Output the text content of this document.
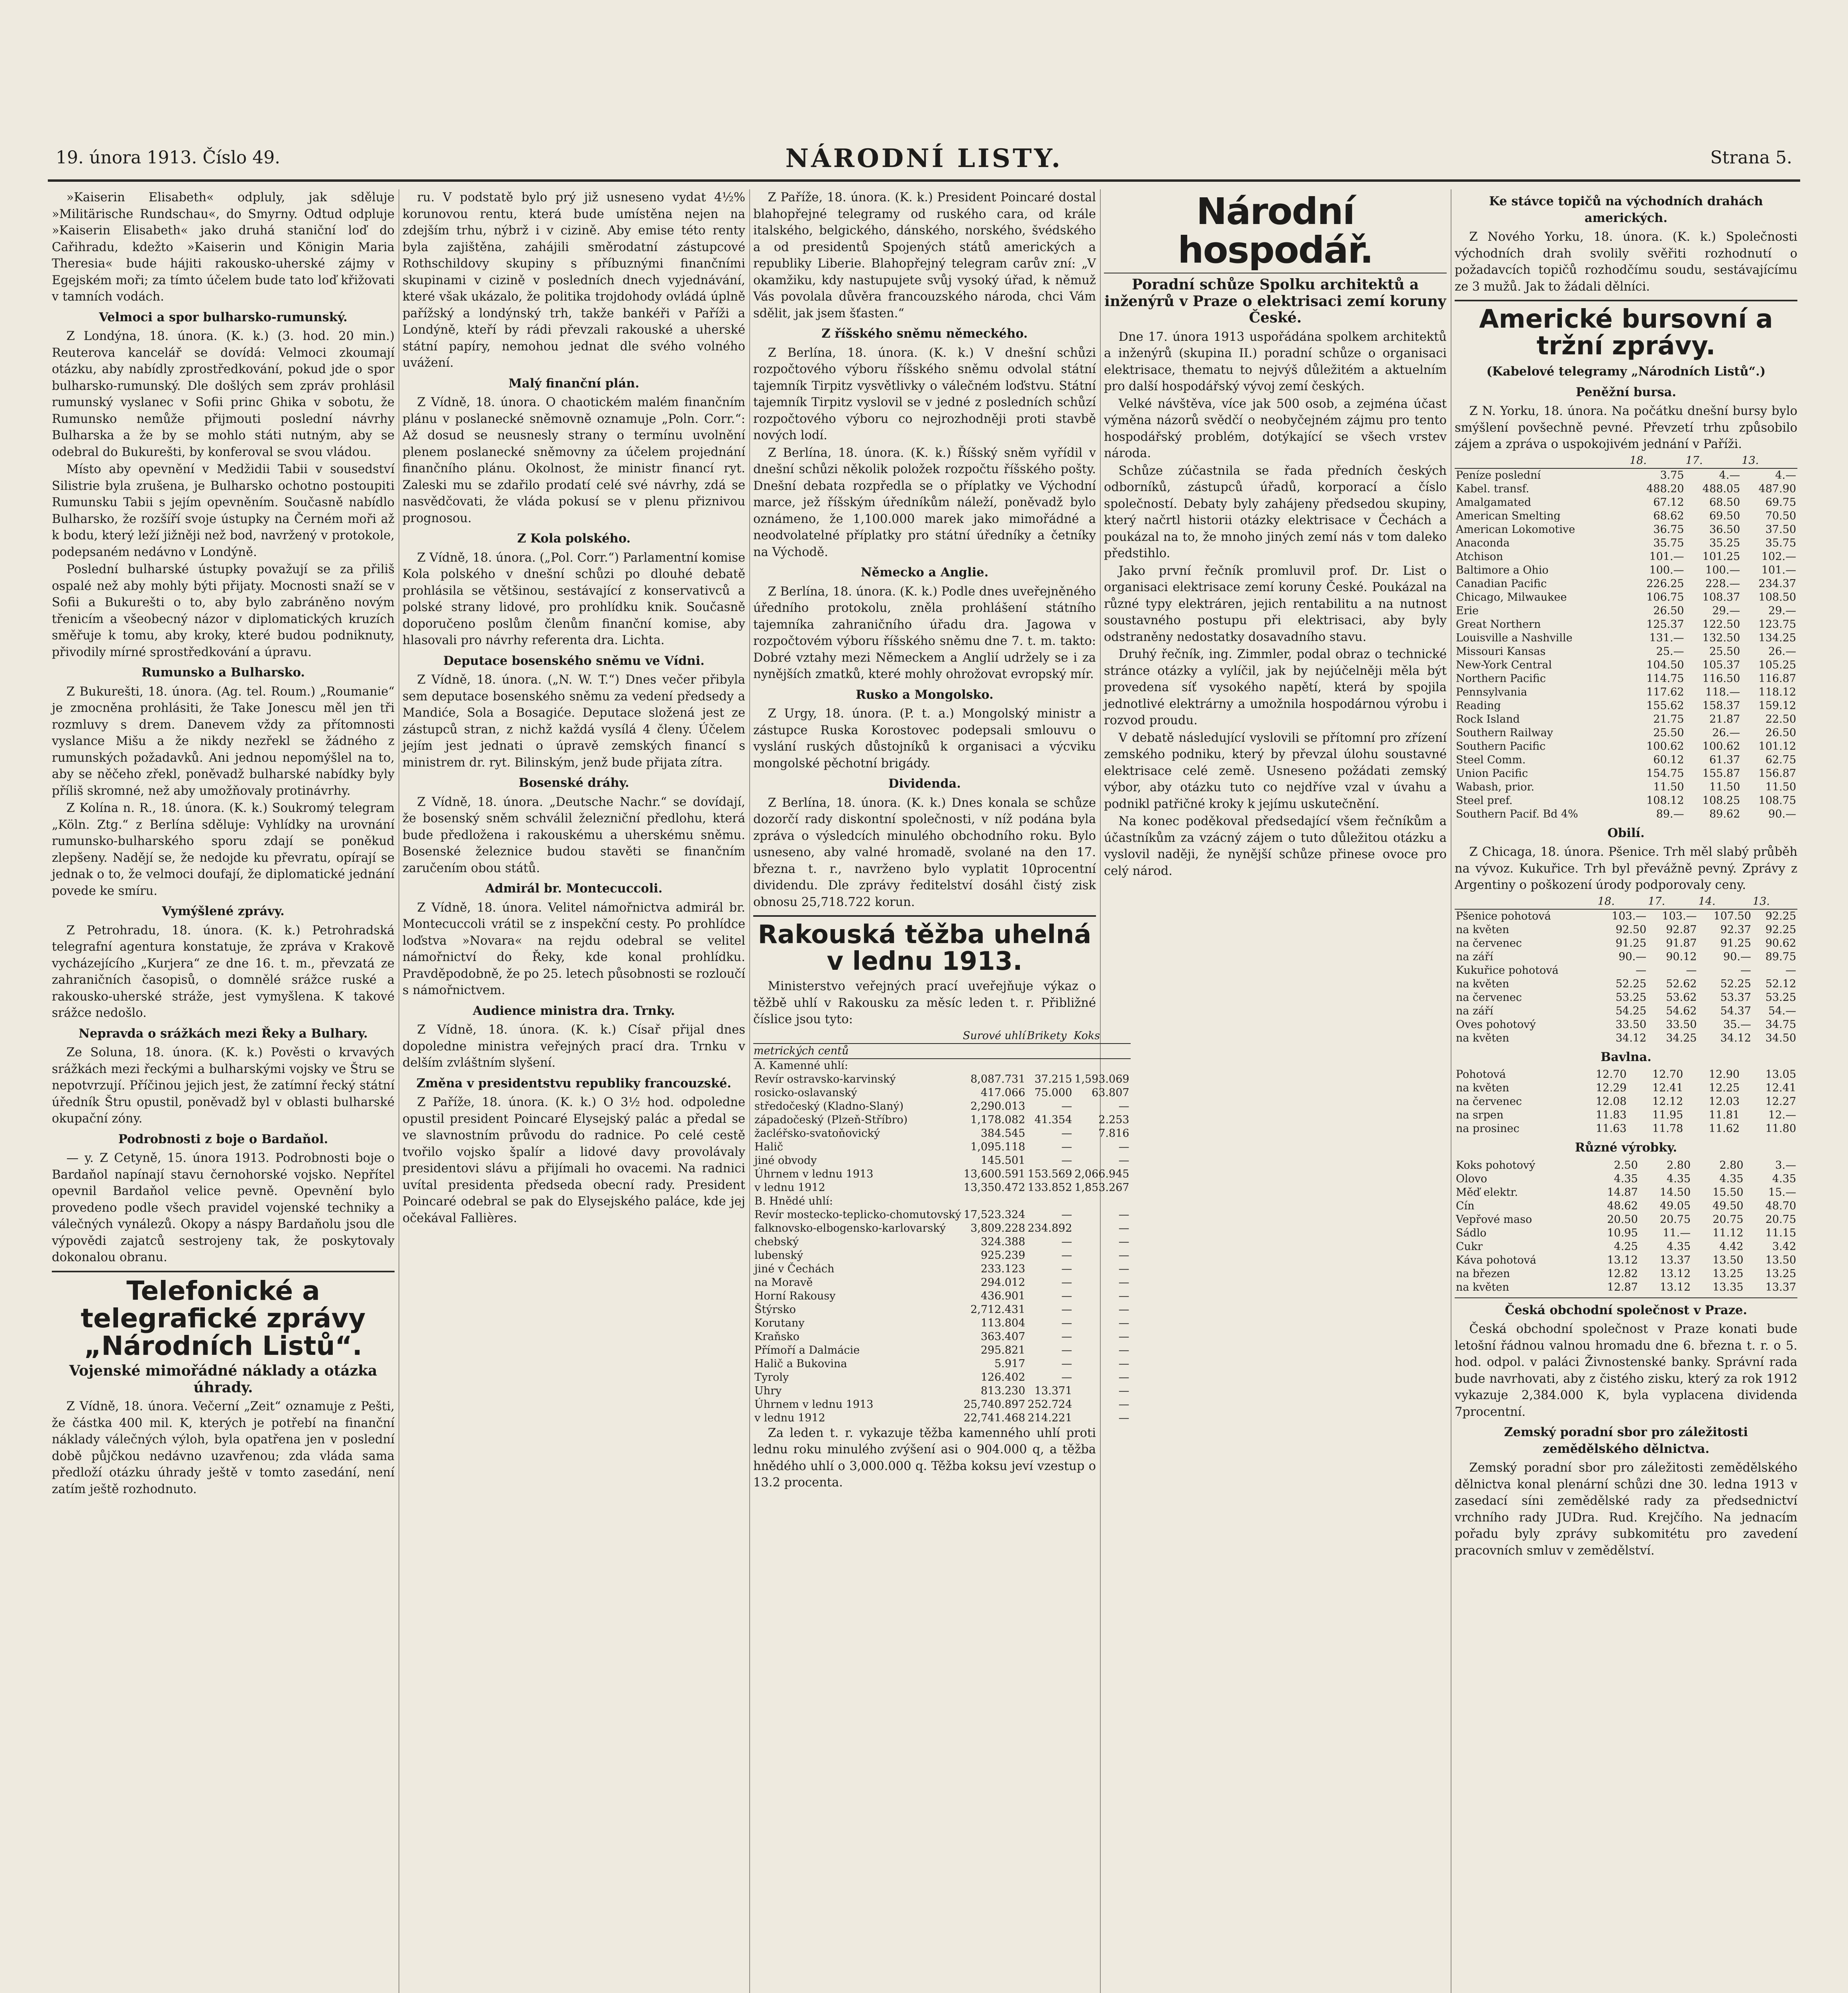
19. února 1913. Číslo 49.	NÁRODNÍ LISTY.	Strana 5.

»Kaiserin Elisabeth« odpluly, jak sděluje »Militärische Rundschau«, do Smyrny. Odtud odpluje »Kaiserin Elisabeth« jako druhá staniční loď do Cařihradu, kdežto »Kaiserin und Königin Maria Theresia« bude hájiti rakousko-uherské zájmy v Egejském moři; za tímto účelem bude tato loď křižovati v tamních vodách.

Velmoci a spor bulharsko-rumunský.

Z Londýna, 18. února. (K. k.) (3. hod. 20 min.) Reuterova kancelář se dovídá: Velmoci zkoumají otázku, aby nabídly zprostředkování, pokud jde o spor bulharsko-rumunský. Dle došlých sem zpráv prohlásil rumunský vyslanec v Sofii princ Ghika v sobotu, že Rumunsko nemůže přijmouti poslední návrhy Bulharska a že by se mohlo státi nutným, aby se odebral do Bukurešti, by konferoval se svou vládou.

Místo aby opevnění v Medžidii Tabii v sousedství Silistrie byla zrušena, je Bulharsko ochotno postoupiti Rumunsku Tabii s jejím opevněním. Současně nabídlo Bulharsko, že rozšíří svoje ústupky na Černém moři až k bodu, který leží jižněji než bod, navržený v protokole, podepsaném nedávno v Londýně.

Poslední bulharské ústupky považují se za přiliš ospalé než aby mohly býti přijaty. Mocnosti snaží se v Sofii a Bukurešti o to, aby bylo zabráněno novým třenicím a všeobecný názor v diplomatických kruzích směřuje k tomu, aby kroky, které budou podniknuty, přivodily mírné sprostředkování a úpravu.

Rumunsko a Bulharsko.

Z Bukurešti, 18. února. (Ag. tel. Roum.) „Roumanie“ je zmocněna prohlásiti, že Take Jonescu měl jen tři rozmluvy s drem. Danevem vždy za přítomnosti vyslance Mišu a že nikdy nezřekl se žádného z rumunských požadavků. Ani jednou nepomýšlel na to, aby se něčeho zřekl, poněvadž bulharské nabídky byly příliš skromné, než aby umožňovaly protinávrhy.

Z Kolína n. R., 18. února. (K. k.) Soukromý telegram „Köln. Ztg.“ z Berlína sděluje: Vyhlídky na urovnání rumunsko-bulharského sporu zdají se poněkud zlepšeny. Nadějí se, že nedojde ku převratu, opírají se jednak o to, že velmoci doufají, že diplomatické jednání povede ke smíru.

Vymýšlené zprávy.

Z Petrohradu, 18. února. (K. k.) Petrohradská telegrafní agentura konstatuje, že zpráva v Krakově vycházejícího „Kurjera“ ze dne 16. t. m., převzatá ze zahraničních časopisů, o domnělé srážce ruské a rakousko-uherské stráže, jest vymyšlena. K takové srážce nedošlo.

Nepravda o srážkách mezi Řeky a Bulhary.

Ze Soluna, 18. února. (K. k.) Pověsti o krvavých srážkách mezi řeckými a bulharskými vojsky ve Štru se nepotvrzují. Příčinou jejich jest, že zatímní řecký státní úředník Štru opustil, poněvadž byl v oblasti bulharské okupační zóny.

Podrobnosti z boje o Bardaňol.

— y. Z Cetyně, 15. února 1913. Podrobnosti boje o Bardaňol napínají stavu černohorské vojsko. Nepřítel opevnil Bardaňol velice pevně. Opevnění bylo provedeno podle všech pravidel vojenské techniky a válečných vynálezů. Okopy a náspy Bardaňolu jsou dle výpovědi zajatců sestrojeny tak, že poskytovaly dokonalou obranu.

Telefonické a telegrafické zprávy „Národních Listů“.
Vojenské mimořádné náklady a otázka úhrady.

Z Vídně, 18. února. Večerní „Zeit“ oznamuje z Pešti, že částka 400 mil. K, kterých je potřebí na finanční náklady válečných výloh, byla opatřena jen v poslední době půjčkou nedávno uzavřenou; zda vláda sama předloží otázku úhrady ještě v tomto zasedání, není zatím ještě rozhodnuto.

ru. V podstatě bylo prý již usneseno vydat 4½% korunovou rentu, která bude umístěna nejen na zdejším trhu, nýbrž i v cizině. Aby emise této renty byla zajištěna, zahájili směrodatní zástupcové Rothschildovy skupiny s příbuznými finančními skupinami v cizině v posledních dnech vyjednávání, které však ukázalo, že politika trojdohody ovládá úplně pařížský a londýnský trh, takže bankéři v Paříži a Londýně, kteří by rádi převzali rakouské a uherské státní papíry, nemohou jednat dle svého volného uvážení.

Malý finanční plán.

Z Vídně, 18. února. O chaotickém malém finančním plánu v poslanecké sněmovně oznamuje „Poln. Corr.“: Až dosud se neusnesly strany o termínu uvolnění plenem poslanecké sněmovny za účelem projednání finančního plánu. Okolnost, že ministr financí ryt. Zaleski mu se zdařilo prodatí celé své návrhy, zdá se nasvědčovati, že vláda pokusí se v plenu přiznivou prognosou.

Z Kola polského.

Z Vídně, 18. února. („Pol. Corr.“) Parlamentní komise Kola polského v dnešní schůzi po dlouhé debatě prohlásila se většinou, sestávající z konservativců a polské strany lidové, pro prohlídku knik. Současně doporučeno poslům členům finanční komise, aby hlasovali pro návrhy referenta dra. Lichta.

Deputace bosenského sněmu ve Vídni.

Z Vídně, 18. února. („N. W. T.“) Dnes večer přibyla sem deputace bosenského sněmu za vedení předsedy a Mandiće, Sola a Bosagiće. Deputace složená jest ze zástupců stran, z nichž každá vysílá 4 členy. Účelem jejím jest jednati o úpravě zemských financí s ministrem dr. ryt. Bilinským, jenž bude přijata zítra.

Bosenské dráhy.

Z Vídně, 18. února. „Deutsche Nachr.“ se dovídají, že bosenský sněm schválil železniční předlohu, která bude předložena i rakouskému a uherskému sněmu. Bosenské železnice budou stavěti se finančním zaručením obou států.

Admirál br. Montecuccoli.

Z Vídně, 18. února. Velitel námořnictva admirál br. Montecuccoli vrátil se z inspekční cesty. Po prohlídce loďstva »Novara« na rejdu odebral se velitel námořnictví do Řeky, kde konal prohlídku. Pravděpodobně, že po 25. letech působnosti se rozloučí s námořnictvem.

Audience ministra dra. Trnky.

Z Vídně, 18. února. (K. k.) Císař přijal dnes dopoledne ministra veřejných prací dra. Trnku v delším zvláštním slyšení.

Změna v presidentstvu republiky francouzské.

Z Paříže, 18. února. (K. k.) O 3½ hod. odpoledne opustil president Poincaré Elysejský palác a předal se ve slavnostním průvodu do radnice. Po celé cestě tvořilo vojsko špalír a lidové davy provolávaly presidentovi slávu a přijímali ho ovacemi. Na radnici uvítal presidenta předseda obecní rady. President Poincaré odebral se pak do Elysejského paláce, kde jej očekával Fallières.

Z Paříže, 18. února. (K. k.) President Poincaré dostal blahopřejné telegramy od ruského cara, od krále italského, belgického, dánského, norského, švédského a od presidentů Spojených států amerických a republiky Liberie. Blahopřejný telegram carův zní: „V okamžiku, kdy nastupujete svůj vysoký úřad, k němuž Vás povolala důvěra francouzského národa, chci Vám sdělit, jak jsem šťasten.“

Z říšského sněmu německého.

Z Berlína, 18. února. (K. k.) V dnešní schůzi rozpočtového výboru říšského sněmu odvolal státní tajemník Tirpitz vysvětlivky o válečném loďstvu. Státní tajemník Tirpitz vyslovil se v jedné z posledních schůzí rozpočtového výboru co nejrozhodněji proti stavbě nových lodí.

Z Berlína, 18. února. (K. k.) Říšský sněm vyřídil v dnešní schůzi několik položek rozpočtu říšského pošty. Dnešní debata rozpředla se o příplatky ve Východní marce, jež říšským úředníkům náleží, poněvadž bylo oznámeno, že 1,100.000 marek jako mimořádné a neodvolatelné příplatky pro státní úředníky a četníky na Východě.

Německo a Anglie.

Z Berlína, 18. února. (K. k.) Podle dnes uveřejněného úředního protokolu, zněla prohlášení státního tajemníka zahraničního úřadu dra. Jagowa v rozpočtovém výboru říšského sněmu dne 7. t. m. takto: Dobré vztahy mezi Německem a Anglií udržely se i za nynějších zmatků, které mohly ohrožovat evropský mír.

Rusko a Mongolsko.

Z Urgy, 18. února. (P. t. a.) Mongolský ministr a zástupce Ruska Korostovec podepsali smlouvu o vyslání ruských důstojníků k organisaci a výcviku mongolské pěchotní brigády.

Dividenda.

Z Berlína, 18. února. (K. k.) Dnes konala se schůze dozorčí rady diskontní společnosti, v níž podána byla zpráva o výsledcích minulého obchodního roku. Bylo usneseno, aby valné hromadě, svolané na den 17. března t. r., navrženo bylo vyplatit 10procentní dividendu. Dle zprávy ředitelství dosáhl čistý zisk obnosu 25,718.722 korun.

Rakouská těžba uhelná v lednu 1913.

Ministerstvo veřejných prací uveřejňuje výkaz o těžbě uhlí v Rakousku za měsíc leden t. r. Přibližné číslice jsou tyto:

	Surové uhlí	Brikety	Koks
metrických centů			
A. Kamenné uhlí:			
Revír ostravsko-karvinský	8,087.731	37.215	1,593.069
rosicko-oslavanský	417.066	75.000	63.807
středočeský (Kladno-Slaný)	2,290.013	—	—
západočeský (Plzeň-Stříbro)	1,178.082	41.354	2.253
žacléřsko-svatoňovický	384.545	—	7.816
Halič	1,095.118	—	—
jiné obvody	145.501	—	—
Úhrnem v lednu 1913	13,600.591	153.569	2,066.945
v lednu 1912	13,350.472	133.852	1,853.267
B. Hnědé uhlí:			
Revír mostecko-teplicko-chomutovský	17,523.324	—	—
falknovsko-elbogensko-karlovarský	3,809.228	234.892	—
chebský	324.388	—	—
lubenský	925.239	—	—
jiné v Čechách	233.123	—	—
na Moravě	294.012	—	—
Horní Rakousy	436.901	—	—
Štýrsko	2,712.431	—	—
Korutany	113.804	—	—
Kraňsko	363.407	—	—
Přímoří a Dalmácie	295.821	—	—
Halič a Bukovina	5.917	—	—
Tyroly	126.402	—	—
Uhry	813.230	13.371	—
Úhrnem v lednu 1913	25,740.897	252.724	—
v lednu 1912	22,741.468	214.221	—

Za leden t. r. vykazuje těžba kamenného uhlí proti lednu roku minulého zvýšení asi o 904.000 q, a těžba hnědého uhlí o 3,000.000 q. Těžba koksu jeví vzestup o 13.2 procenta.

Národní hospodář.
Poradní schůze Spolku architektů a inženýrů v Praze o elektrisaci zemí koruny České.

Dne 17. února 1913 uspořádána spolkem architektů a inženýrů (skupina II.) poradní schůze o organisaci elektrisace, thematu to nejvýš důležitém a aktuelním pro další hospodářský vývoj zemí českých.

Velké návštěva, více jak 500 osob, a zejména účast výměna názorů svědčí o neobyčejném zájmu pro tento hospodářský problém, dotýkající se všech vrstev národa.

Schůze zúčastnila se řada předních českých odborníků, zástupců úřadů, korporací a číslo společností. Debaty byly zahájeny předsedou skupiny, který načrtl historii otázky elektrisace v Čechách a poukázal na to, že mnoho jiných zemí nás v tom daleko předstihlo.

Jako první řečník promluvil prof. Dr. List o organisaci elektrisace zemí koruny České. Poukázal na různé typy elektráren, jejich rentabilitu a na nutnost soustavného postupu při elektrisaci, aby byly odstraněny nedostatky dosavadního stavu.

Druhý řečník, ing. Zimmler, podal obraz o technické stránce otázky a vylíčil, jak by nejúčelněji měla být provedena síť vysokého napětí, která by spojila jednotlivé elektrárny a umožnila hospodárnou výrobu i rozvod proudu.

V debatě následující vyslovili se přítomní pro zřízení zemského podniku, který by převzal úlohu soustavné elektrisace celé země. Usneseno požádati zemský výbor, aby otázku tuto co nejdříve vzal v úvahu a podnikl patřičné kroky k jejímu uskutečnění.

Na konec poděkoval předsedající všem řečníkům a účastníkům za vzácný zájem o tuto důležitou otázku a vyslovil naději, že nynější schůze přinese ovoce pro celý národ.

Ke stávce topičů na východních drahách amerických.

Z Nového Yorku, 18. února. (K. k.) Společnosti východních drah svolily svěřiti rozhodnutí o požadavcích topičů rozhodčímu soudu, sestávajícímu ze 3 mužů. Jak to žádali dělníci.

Americké bursovní a tržní zprávy.
(Kabelové telegramy „Národních Listů“.)
Peněžní bursa.

Z N. Yorku, 18. února. Na počátku dnešní bursy bylo smýšlení povšechně pevné. Převzetí trhu způsobilo zájem a zpráva o uspokojivém jednání v Paříži.

	18.	17.	13.
Peníze poslední	3.75	4.—	4.—
Kabel. transf.	488.20	488.05	487.90
Amalgamated	67.12	68.50	69.75
American Smelting	68.62	69.50	70.50
American Lokomotive	36.75	36.50	37.50
Anaconda	35.75	35.25	35.75
Atchison	101.—	101.25	102.—
Baltimore a Ohio	100.—	100.—	101.—
Canadian Pacific	226.25	228.—	234.37
Chicago, Milwaukee	106.75	108.37	108.50
Erie	26.50	29.—	29.—
Great Northern	125.37	122.50	123.75
Louisville a Nashville	131.—	132.50	134.25
Missouri Kansas	25.—	25.50	26.—
New-York Central	104.50	105.37	105.25
Northern Pacific	114.75	116.50	116.87
Pennsylvania	117.62	118.—	118.12
Reading	155.62	158.37	159.12
Rock Island	21.75	21.87	22.50
Southern Railway	25.50	26.—	26.50
Southern Pacific	100.62	100.62	101.12
Steel Comm.	60.12	61.37	62.75
Union Pacific	154.75	155.87	156.87
Wabash, prior.	11.50	11.50	11.50
Steel pref.	108.12	108.25	108.75
Southern Pacif. Bd 4%	89.—	89.62	90.—
Obilí.

Z Chicaga, 18. února. Pšenice. Trh měl slabý průběh na vývoz. Kukuřice. Trh byl převážně pevný. Zprávy z Argentiny o poškození úrody podporovaly ceny.

	18.	17.	14.	13.
Pšenice pohotová	103.—	103.—	107.50	92.25
na květen	92.50	92.87	92.37	92.25
na červenec	91.25	91.87	91.25	90.62
na září	90.—	90.12	90.—	89.75
Kukuřice pohotová	—	—	—	—
na květen	52.25	52.62	52.25	52.12
na červenec	53.25	53.62	53.37	53.25
na září	54.25	54.62	54.37	54.—
Oves pohotový	33.50	33.50	35.—	34.75
na květen	34.12	34.25	34.12	34.50
Bavlna.
Pohotová	12.70	12.70	12.90	13.05
na květen	12.29	12.41	12.25	12.41
na červenec	12.08	12.12	12.03	12.27
na srpen	11.83	11.95	11.81	12.—
na prosinec	11.63	11.78	11.62	11.80
Různé výrobky.
Koks pohotový	2.50	2.80	2.80	3.—
Olovo	4.35	4.35	4.35	4.35
Měď elektr.	14.87	14.50	15.50	15.—
Cín	48.62	49.05	49.50	48.70
Vepřové maso	20.50	20.75	20.75	20.75
Sádlo	10.95	11.—	11.12	11.15
Cukr	4.25	4.35	4.42	3.42
Káva pohotová	13.12	13.37	13.50	13.50
na březen	12.82	13.12	13.25	13.25
na květen	12.87	13.12	13.35	13.37
Česká obchodní společnost v Praze.

Česká obchodní společnost v Praze konati bude letošní řádnou valnou hromadu dne 6. března t. r. o 5. hod. odpol. v paláci Živnostenské banky. Správní rada bude navrhovati, aby z čistého zisku, který za rok 1912 vykazuje 2,384.000 K, byla vyplacena dividenda 7procentní.

Zemský poradní sbor pro záležitosti zemědělského dělnictva.

Zemský poradní sbor pro záležitosti zemědělského dělnictva konal plenární schůzi dne 30. ledna 1913 v zasedací síni zemědělské rady za předsednictví vrchního rady JUDra. Rud. Krejčího. Na jednacím pořadu byly zprávy subkomitétu pro zavedení pracovních smluv v zemědělství.
